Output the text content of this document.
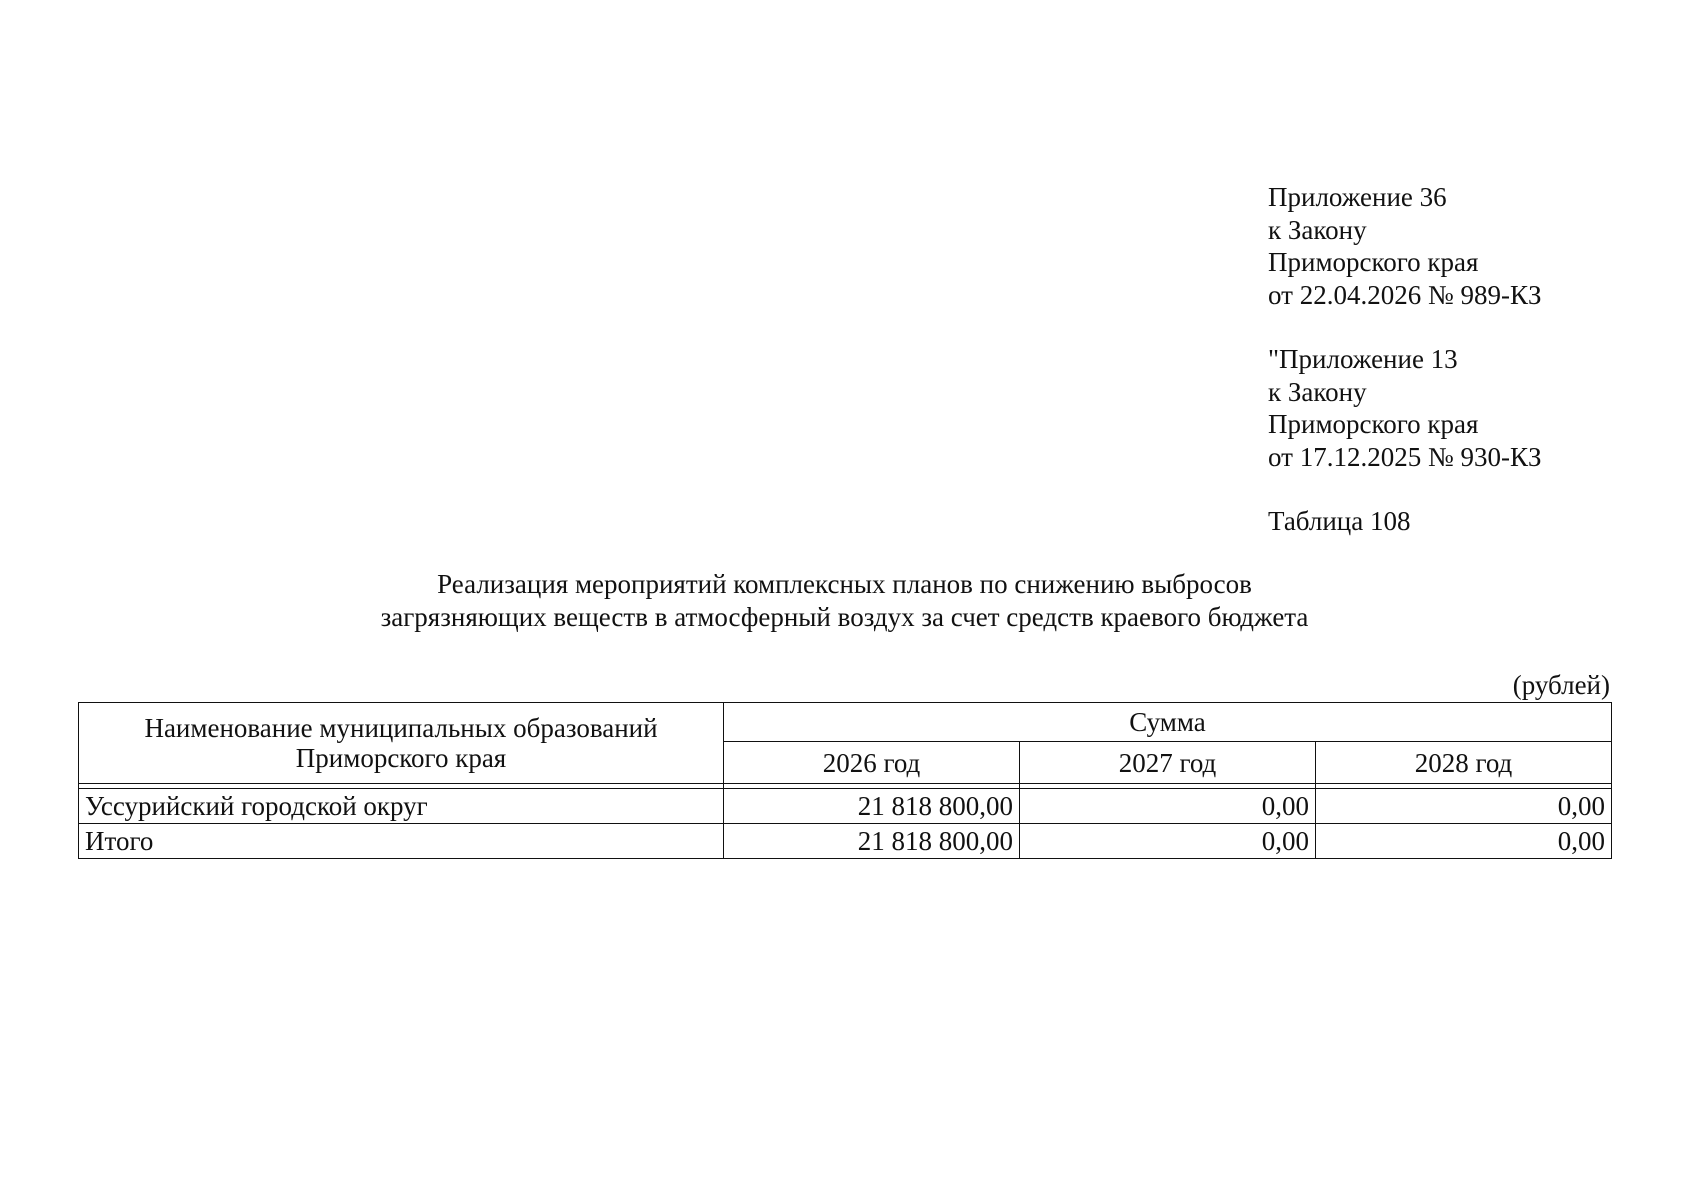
Приложение 36
к Закону
Приморского края
от 22.04.2026 № 989-КЗ
"Приложение 13
к Закону
Приморского края
от 17.12.2025 № 930-КЗ
Таблица 108
Реализация мероприятий комплексных планов по снижению выбросов
загрязняющих веществ в атмосферный воздух за счет средств краевого бюджета
(рублей)
Наименование муниципальных образований
Приморского края	Сумма		
	2026 год	2027 год	2028 год

Уссурийский городской округ	21 818 800,00	0,00	0,00
Итого	21 818 800,00	0,00	0,00
